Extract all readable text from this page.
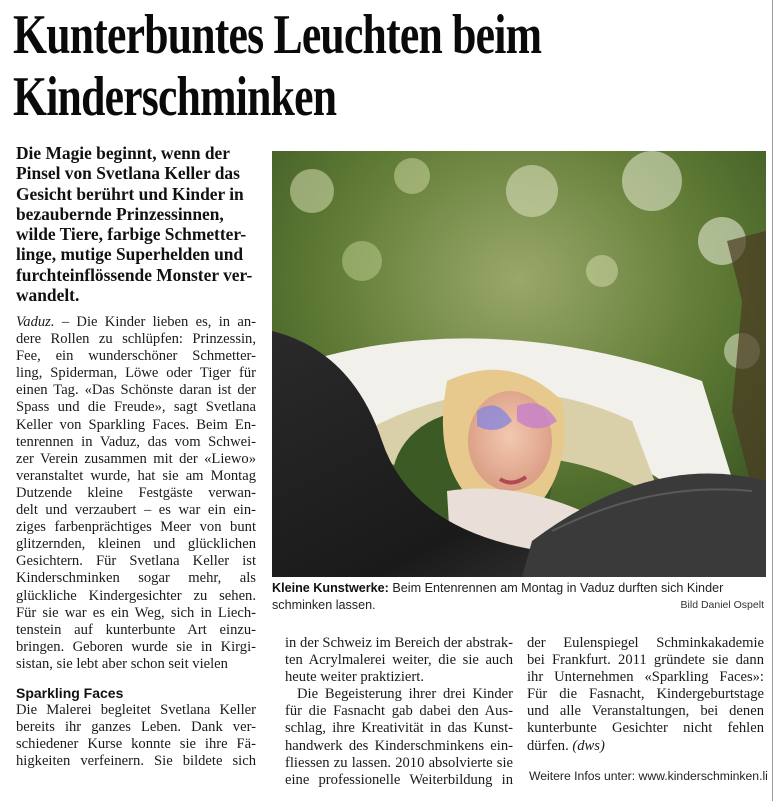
Kunterbuntes Leuchten beim
Kinderschminken
Die Magie beginnt, wenn der
Pinsel von Svetlana Keller das
Gesicht berührt und Kinder in
bezaubernde Prinzessinnen,
wilde Tiere, farbige Schmetter-
linge, mutige Superhelden und
furchteinflössende Monster ver-
wandelt.
Vaduz. – Die Kinder lieben es, in an-
dere Rollen zu schlüpfen: Prinzessin,
Fee, ein wunderschöner Schmetter-
ling, Spiderman, Löwe oder Tiger für
einen Tag. «Das Schönste daran ist der
Spass und die Freude», sagt Svetlana
Keller von Sparkling Faces. Beim En-
tenrennen in Vaduz, das vom Schwei-
zer Verein zusammen mit der «Liewo»
veranstaltet wurde, hat sie am Montag
Dutzende kleine Festgäste verwan-
delt und verzaubert – es war ein ein-
ziges farbenprächtiges Meer von bunt
glitzernden, kleinen und glücklichen
Gesichtern. Für Svetlana Keller ist
Kinderschminken sogar mehr, als
glückliche Kindergesichter zu sehen.
Für sie war es ein Weg, sich in Liech-
tenstein auf kunterbunte Art einzu-
bringen. Geboren wurde sie in Kirgi-
sistan, sie lebt aber schon seit vielen
Sparkling Faces
Die Malerei begleitet Svetlana Keller
bereits ihr ganzes Leben. Dank ver-
schiedener Kurse konnte sie ihre Fä-
higkeiten verfeinern. Sie bildete sich
Kleine Kunstwerke: Beim Entenrennen am Montag in Vaduz durften sich Kinder schminken lassen.	Bild Daniel Ospelt
in der Schweiz im Bereich der abstrak-
ten Acrylmalerei weiter, die sie auch
heute weiter praktiziert.
Die Begeisterung ihrer drei Kinder
für die Fasnacht gab dabei den Aus-
schlag, ihre Kreativität in das Kunst-
handwerk des Kinderschminkens ein-
fliessen zu lassen. 2010 absolvierte sie
eine professionelle Weiterbildung in
der Eulenspiegel Schminkakademie
bei Frankfurt. 2011 gründete sie dann
ihr Unternehmen «Sparkling Faces»:
Für die Fasnacht, Kindergeburtstage
und alle Veranstaltungen, bei denen
kunterbunte Gesichter nicht fehlen
dürfen. (dws)
Weitere Infos unter: www.kinderschminken.li
